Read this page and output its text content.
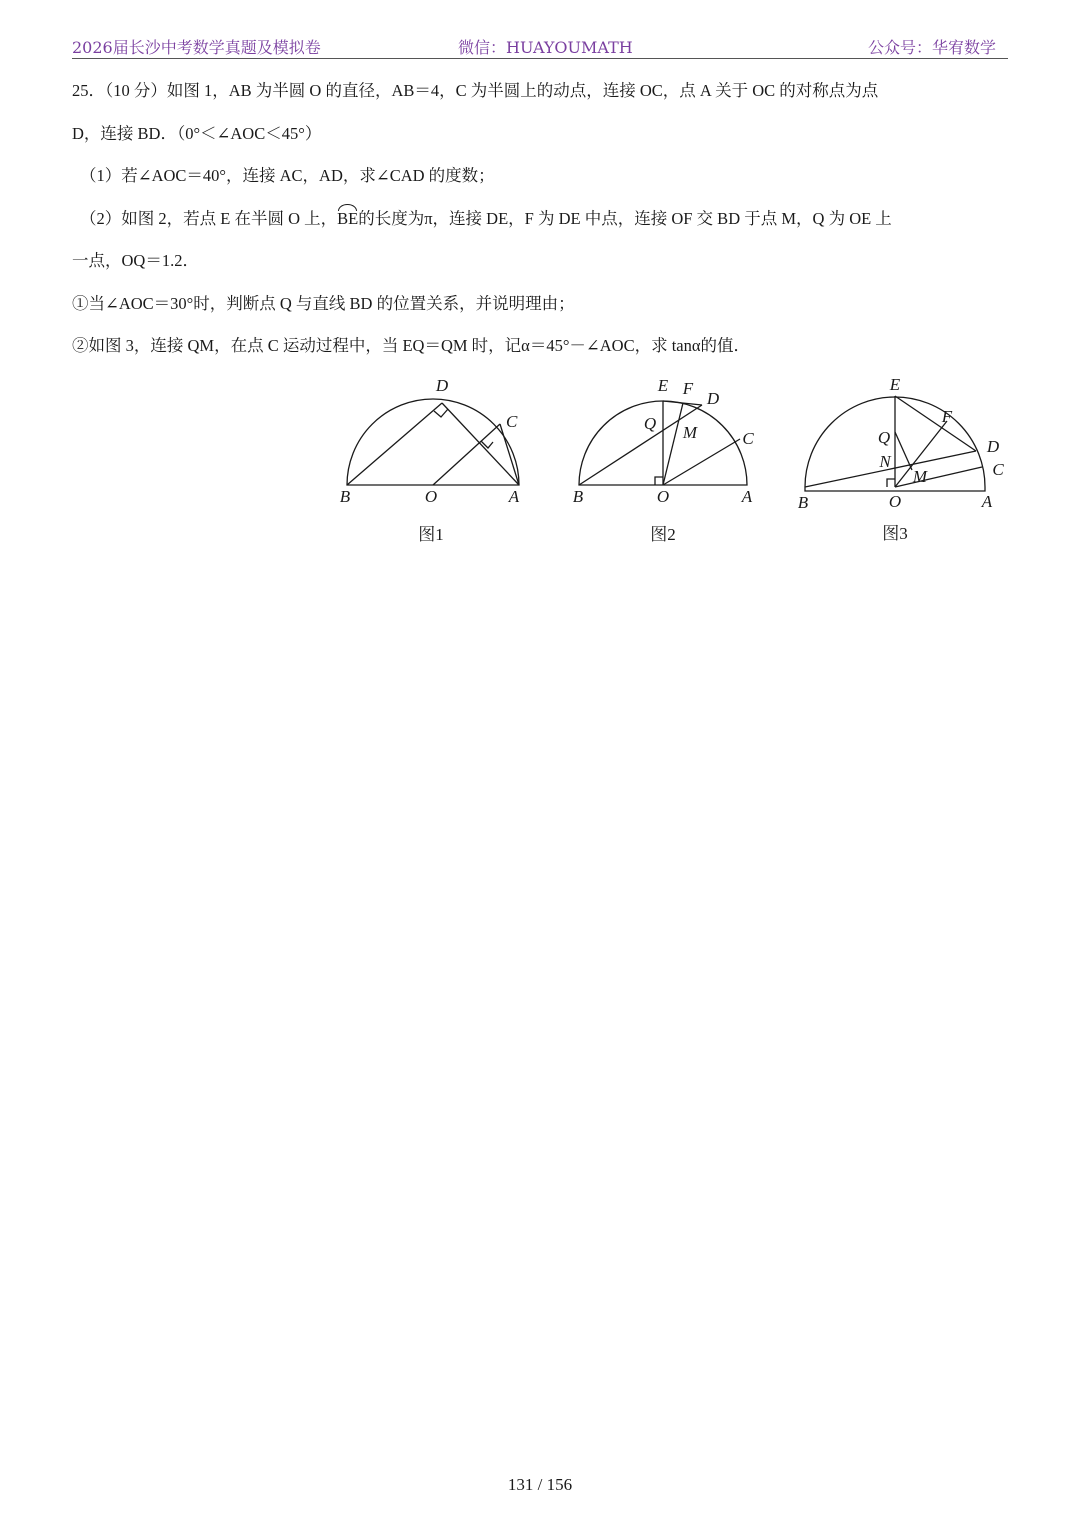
2026届长沙中考数学真题及模拟卷	微信：HUAYOUMATH	公众号：华宥数学
25．（10 分）如图 1，AB 为半圆 O 的直径，AB＝4，C 为半圆上的动点，连接 OC，点 A 关于 OC 的对称点为点
D，连接 BD．（0°＜∠AOC＜45°）
（1）若∠AOC＝40°，连接 AC，AD，求∠CAD 的度数；
（2）如图 2，若点 E 在半圆 O 上，BE的长度为π，连接 DE，F 为 DE 中点，连接 OF 交 BD 于点 M，Q 为 OE 上
一点，OQ＝1.2．
①当∠AOC＝30°时，判断点 Q 与直线 BD 的位置关系，并说明理由；
②如图 3，连接 QM，在点 C 运动过程中，当 EQ＝QM 时，记α＝45°－∠AOC，求 tanα的值．
D
C
B	O	A
图1
E F
D
Q M	C
B	O	A
图2
E
F
D
C
Q
N
M
B	O	A
图3
131 / 156
